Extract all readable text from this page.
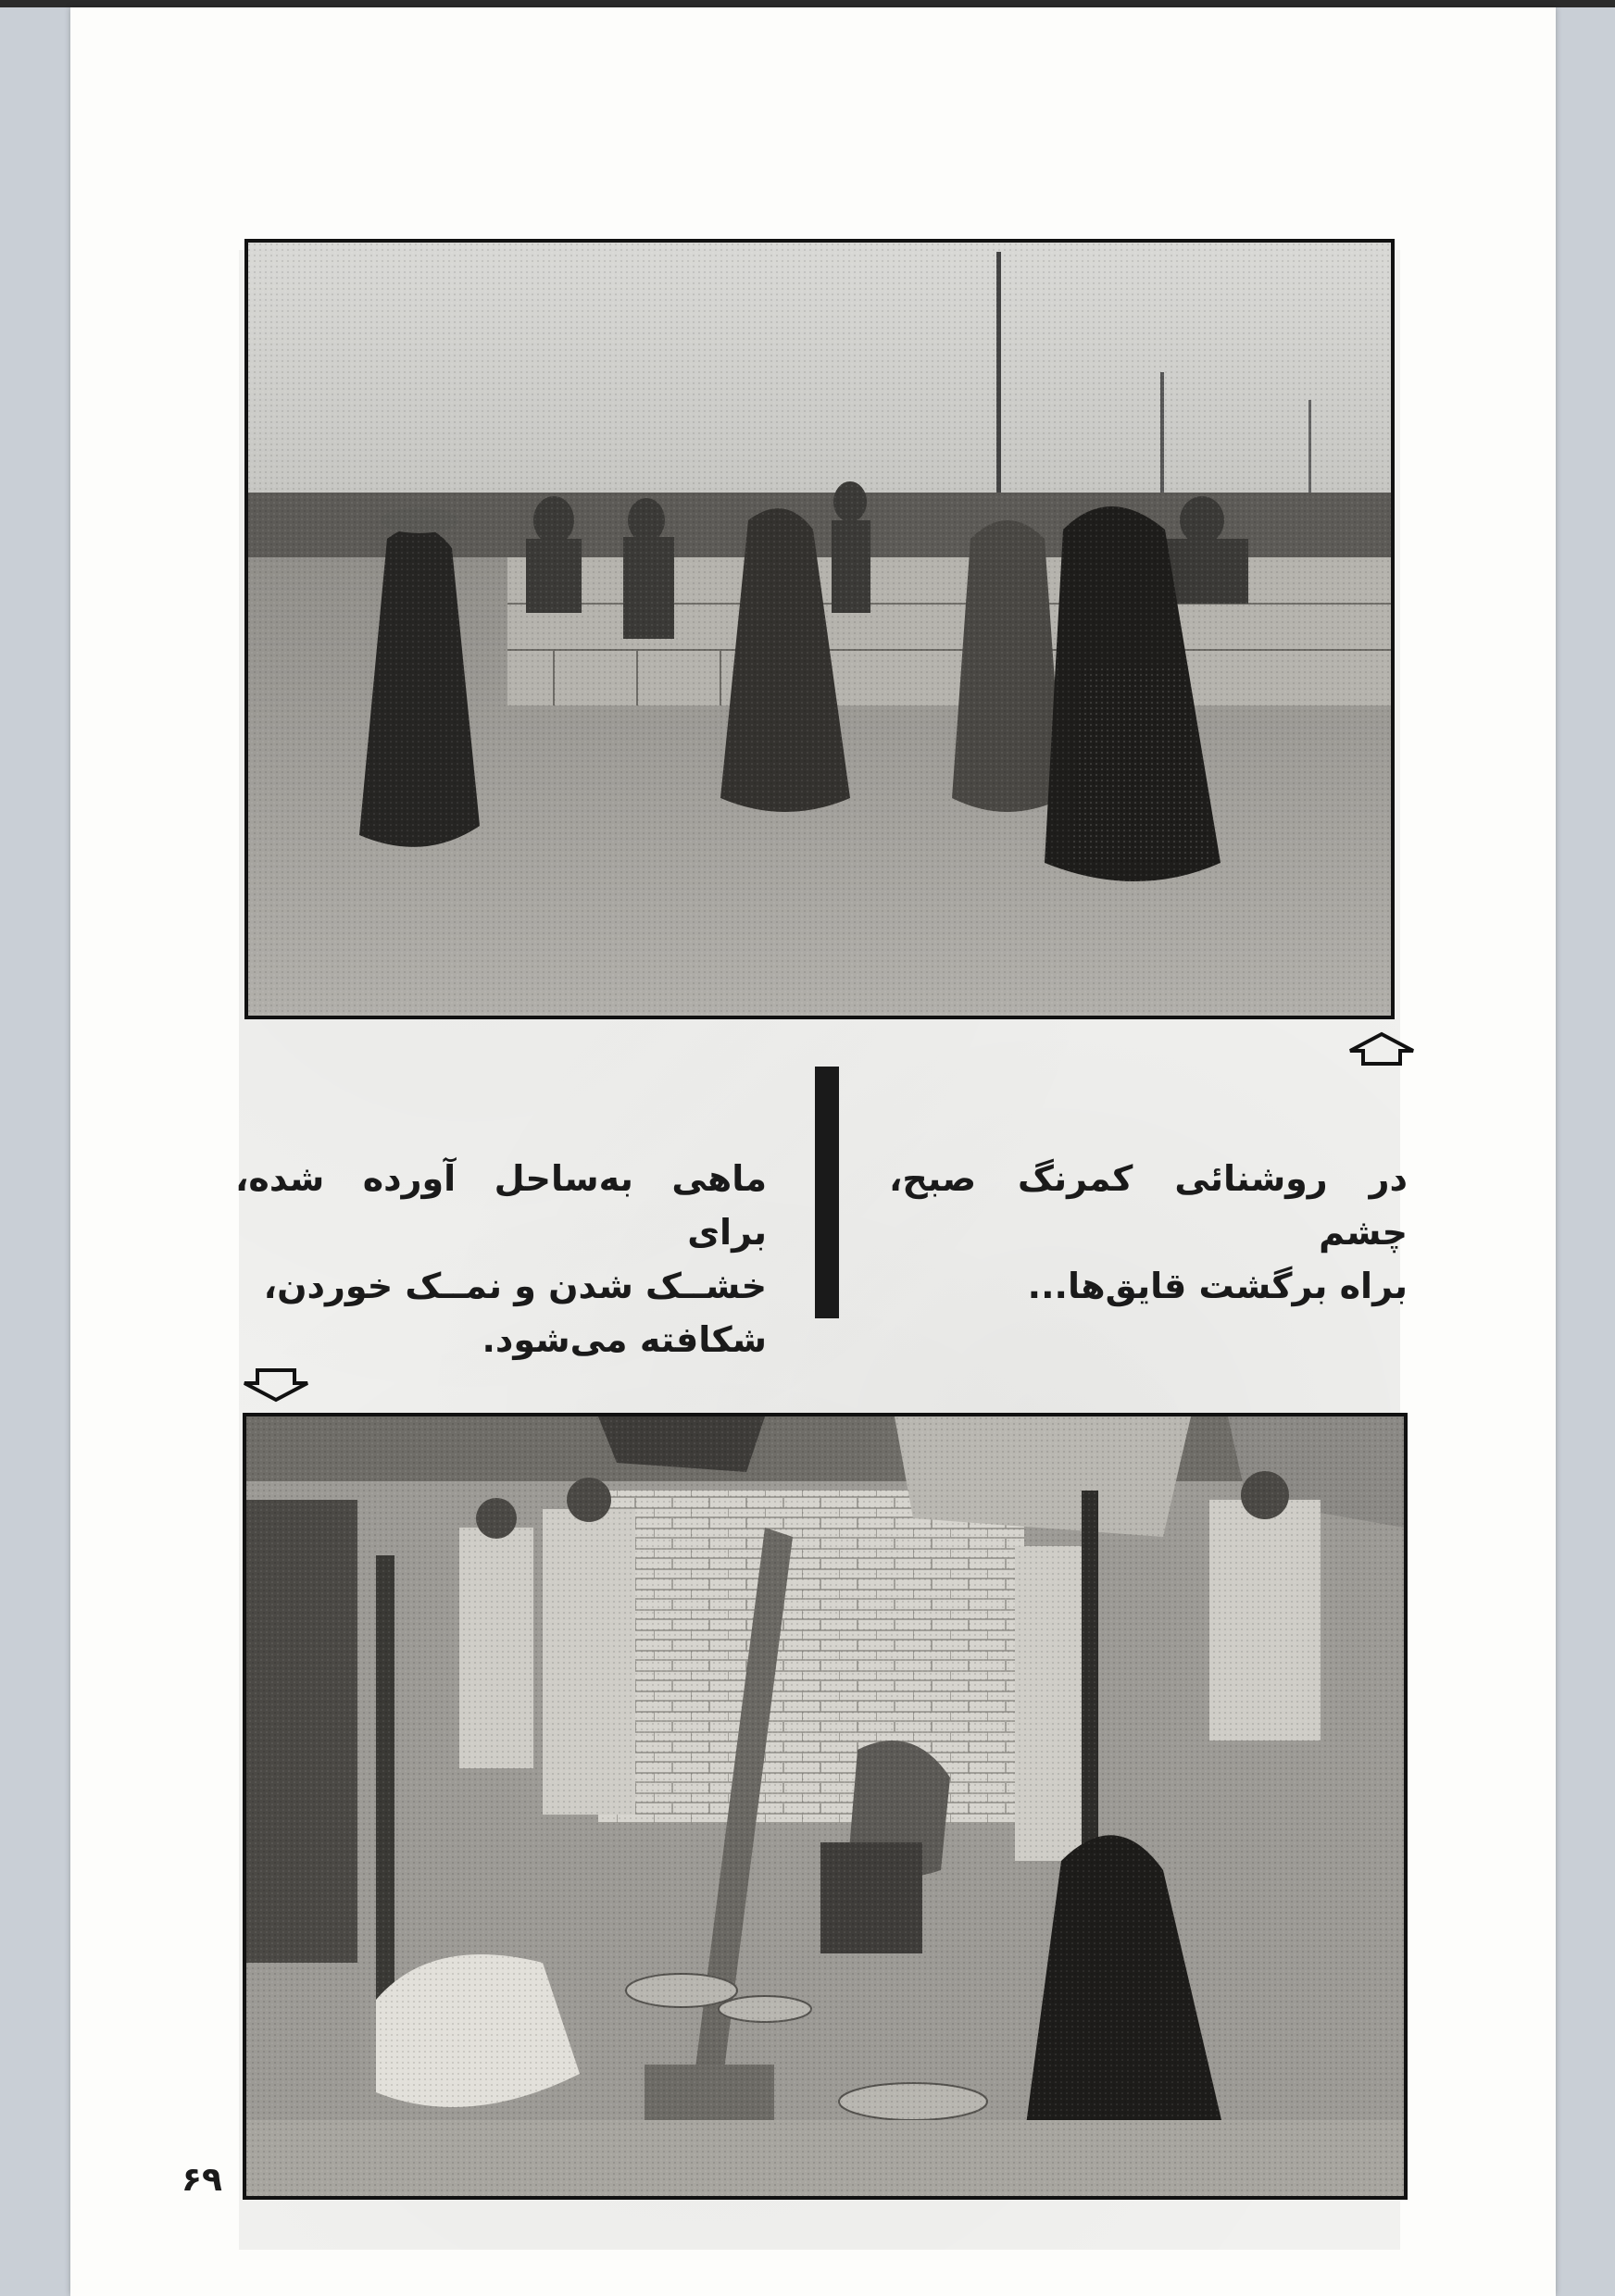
در روشنائی کمرنگ صبح، چشم
براه برگشت قایق‌ها...
ماهی به‌ساحل آورده شده، برای
خشــک شدن و نمــک خوردن،
شکافته می‌شود.
۶۹
